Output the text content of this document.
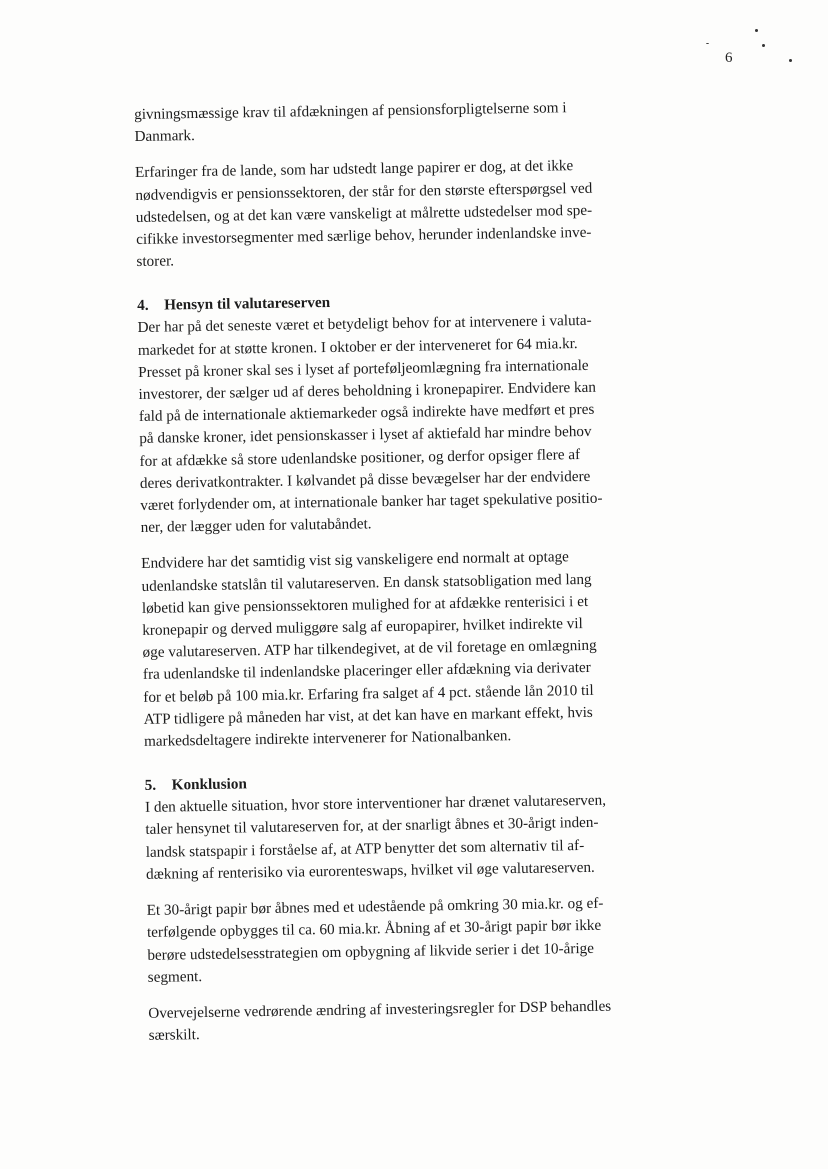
6

givningsmæssige krav til afdækningen af pensionsforpligtelserne som i
Danmark.

Erfaringer fra de lande, som har udstedt lange papirer er dog, at det ikke
nødvendigvis er pensionssektoren, der står for den største efterspørgsel ved
udstedelsen, og at det kan være vanskeligt at målrette udstedelser mod spe-
cifikke investorsegmenter med særlige behov, herunder indenlandske inve-
storer.

4. Hensyn til valutareserven

Der har på det seneste været et betydeligt behov for at intervenere i valuta-
markedet for at støtte kronen. I oktober er der interveneret for 64 mia.kr.
Presset på kroner skal ses i lyset af porteføljeomlægning fra internationale
investorer, der sælger ud af deres beholdning i kronepapirer. Endvidere kan
fald på de internationale aktiemarkeder også indirekte have medført et pres
på danske kroner, idet pensionskasser i lyset af aktiefald har mindre behov
for at afdække så store udenlandske positioner, og derfor opsiger flere af
deres derivatkontrakter. I kølvandet på disse bevægelser har der endvidere
været forlydender om, at internationale banker har taget spekulative positio-
ner, der lægger uden for valutabåndet.

Endvidere har det samtidig vist sig vanskeligere end normalt at optage
udenlandske statslån til valutareserven. En dansk statsobligation med lang
løbetid kan give pensionssektoren mulighed for at afdække renterisici i et
kronepapir og derved muliggøre salg af europapirer, hvilket indirekte vil
øge valutareserven. ATP har tilkendegivet, at de vil foretage en omlægning
fra udenlandske til indenlandske placeringer eller afdækning via derivater
for et beløb på 100 mia.kr. Erfaring fra salget af 4 pct. stående lån 2010 til
ATP tidligere på måneden har vist, at det kan have en markant effekt, hvis
markedsdeltagere indirekte intervenerer for Nationalbanken.

5. Konklusion

I den aktuelle situation, hvor store interventioner har drænet valutareserven,
taler hensynet til valutareserven for, at der snarligt åbnes et 30-årigt inden-
landsk statspapir i forståelse af, at ATP benytter det som alternativ til af-
dækning af renterisiko via eurorenteswaps, hvilket vil øge valutareserven.

Et 30-årigt papir bør åbnes med et udestående på omkring 30 mia.kr. og ef-
terfølgende opbygges til ca. 60 mia.kr. Åbning af et 30-årigt papir bør ikke
berøre udstedelsesstrategien om opbygning af likvide serier i det 10-årige
segment.

Overvejelserne vedrørende ændring af investeringsregler for DSP behandles
særskilt.
